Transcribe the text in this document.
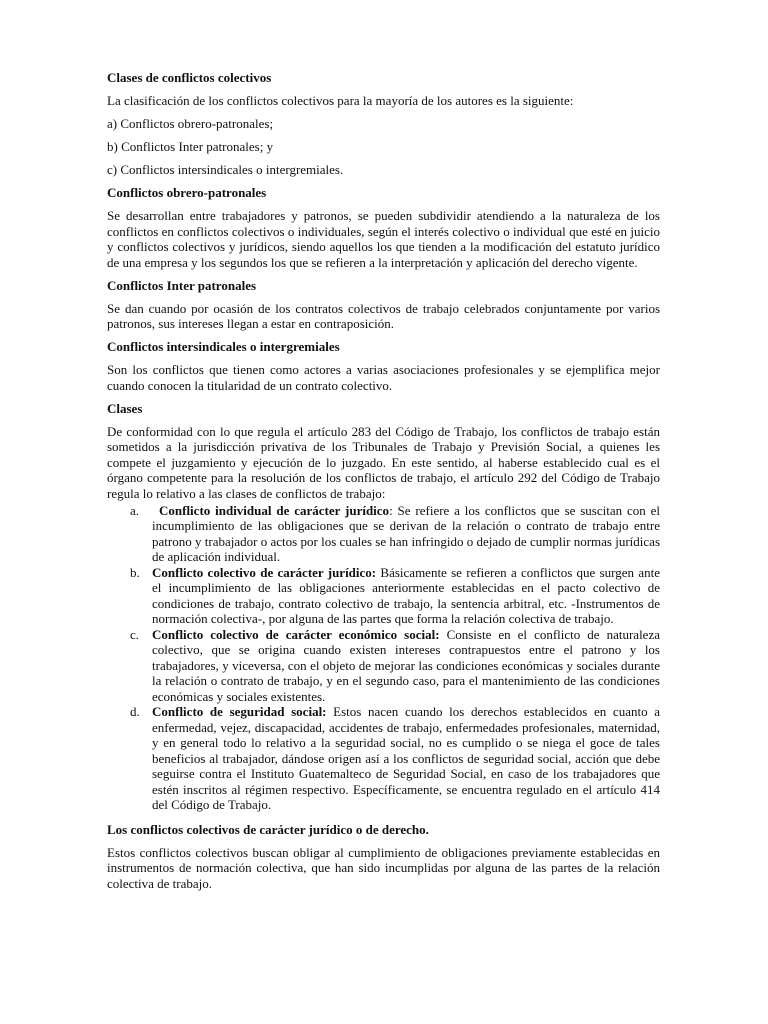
Clases de conflictos colectivos

La clasificación de los conflictos colectivos para la mayoría de los autores es la siguiente:

a) Conflictos obrero-patronales;

b) Conflictos Inter patronales; y

c) Conflictos intersindicales o intergremiales.

Conflictos obrero-patronales

Se desarrollan entre trabajadores y patronos, se pueden subdividir atendiendo a la naturaleza de los conflictos en conflictos colectivos o individuales, según el interés colectivo o individual que esté en juicio y conflictos colectivos y jurídicos, siendo aquellos los que tienden a la modificación del estatuto jurídico de una empresa y los segundos los que se refieren a la interpretación y aplicación del derecho vigente.

Conflictos Inter patronales

Se dan cuando por ocasión de los contratos colectivos de trabajo celebrados conjuntamente por varios patronos, sus intereses llegan a estar en contraposición.

Conflictos intersindicales o intergremiales

Son los conflictos que tienen como actores a varias asociaciones profesionales y se ejemplifica mejor cuando conocen la titularidad de un contrato colectivo.

Clases

De conformidad con lo que regula el artículo 283 del Código de Trabajo, los conflictos de trabajo están sometidos a la jurisdicción privativa de los Tribunales de Trabajo y Previsión Social, a quienes les compete el juzgamiento y ejecución de lo juzgado. En este sentido, al haberse establecido cual es el órgano competente para la resolución de los conflictos de trabajo, el artículo 292 del Código de Trabajo regula lo relativo a las clases de conflictos de trabajo:

a.	Conflicto individual de carácter jurídico: Se refiere a los conflictos que se suscitan con el incumplimiento de las obligaciones que se derivan de la relación o contrato de trabajo entre patrono y trabajador o actos por los cuales se han infringido o dejado de cumplir normas jurídicas de aplicación individual.
b. Conflicto colectivo de carácter jurídico: Básicamente se refieren a conflictos que surgen ante el incumplimiento de las obligaciones anteriormente establecidas en el pacto colectivo de condiciones de trabajo, contrato colectivo de trabajo, la sentencia arbitral, etc. -Instrumentos de normación colectiva-, por alguna de las partes que forma la relación colectiva de trabajo.
c. Conflicto colectivo de carácter económico social: Consiste en el conflicto de naturaleza colectivo, que se origina cuando existen intereses contrapuestos entre el patrono y los trabajadores, y viceversa, con el objeto de mejorar las condiciones económicas y sociales durante la relación o contrato de trabajo, y en el segundo caso, para el mantenimiento de las condiciones económicas y sociales existentes.
d. Conflicto de seguridad social: Estos nacen cuando los derechos establecidos en cuanto a enfermedad, vejez, discapacidad, accidentes de trabajo, enfermedades profesionales, maternidad, y en general todo lo relativo a la seguridad social, no es cumplido o se niega el goce de tales beneficios al trabajador, dándose origen así a los conflictos de seguridad social, acción que debe seguirse contra el Instituto Guatemalteco de Seguridad Social, en caso de los trabajadores que estén inscritos al régimen respectivo. Específicamente, se encuentra regulado en el artículo 414 del Código de Trabajo.

Los conflictos colectivos de carácter jurídico o de derecho.

Estos conflictos colectivos buscan obligar al cumplimiento de obligaciones previamente establecidas en instrumentos de normación colectiva, que han sido incumplidas por alguna de las partes de la relación colectiva de trabajo.
